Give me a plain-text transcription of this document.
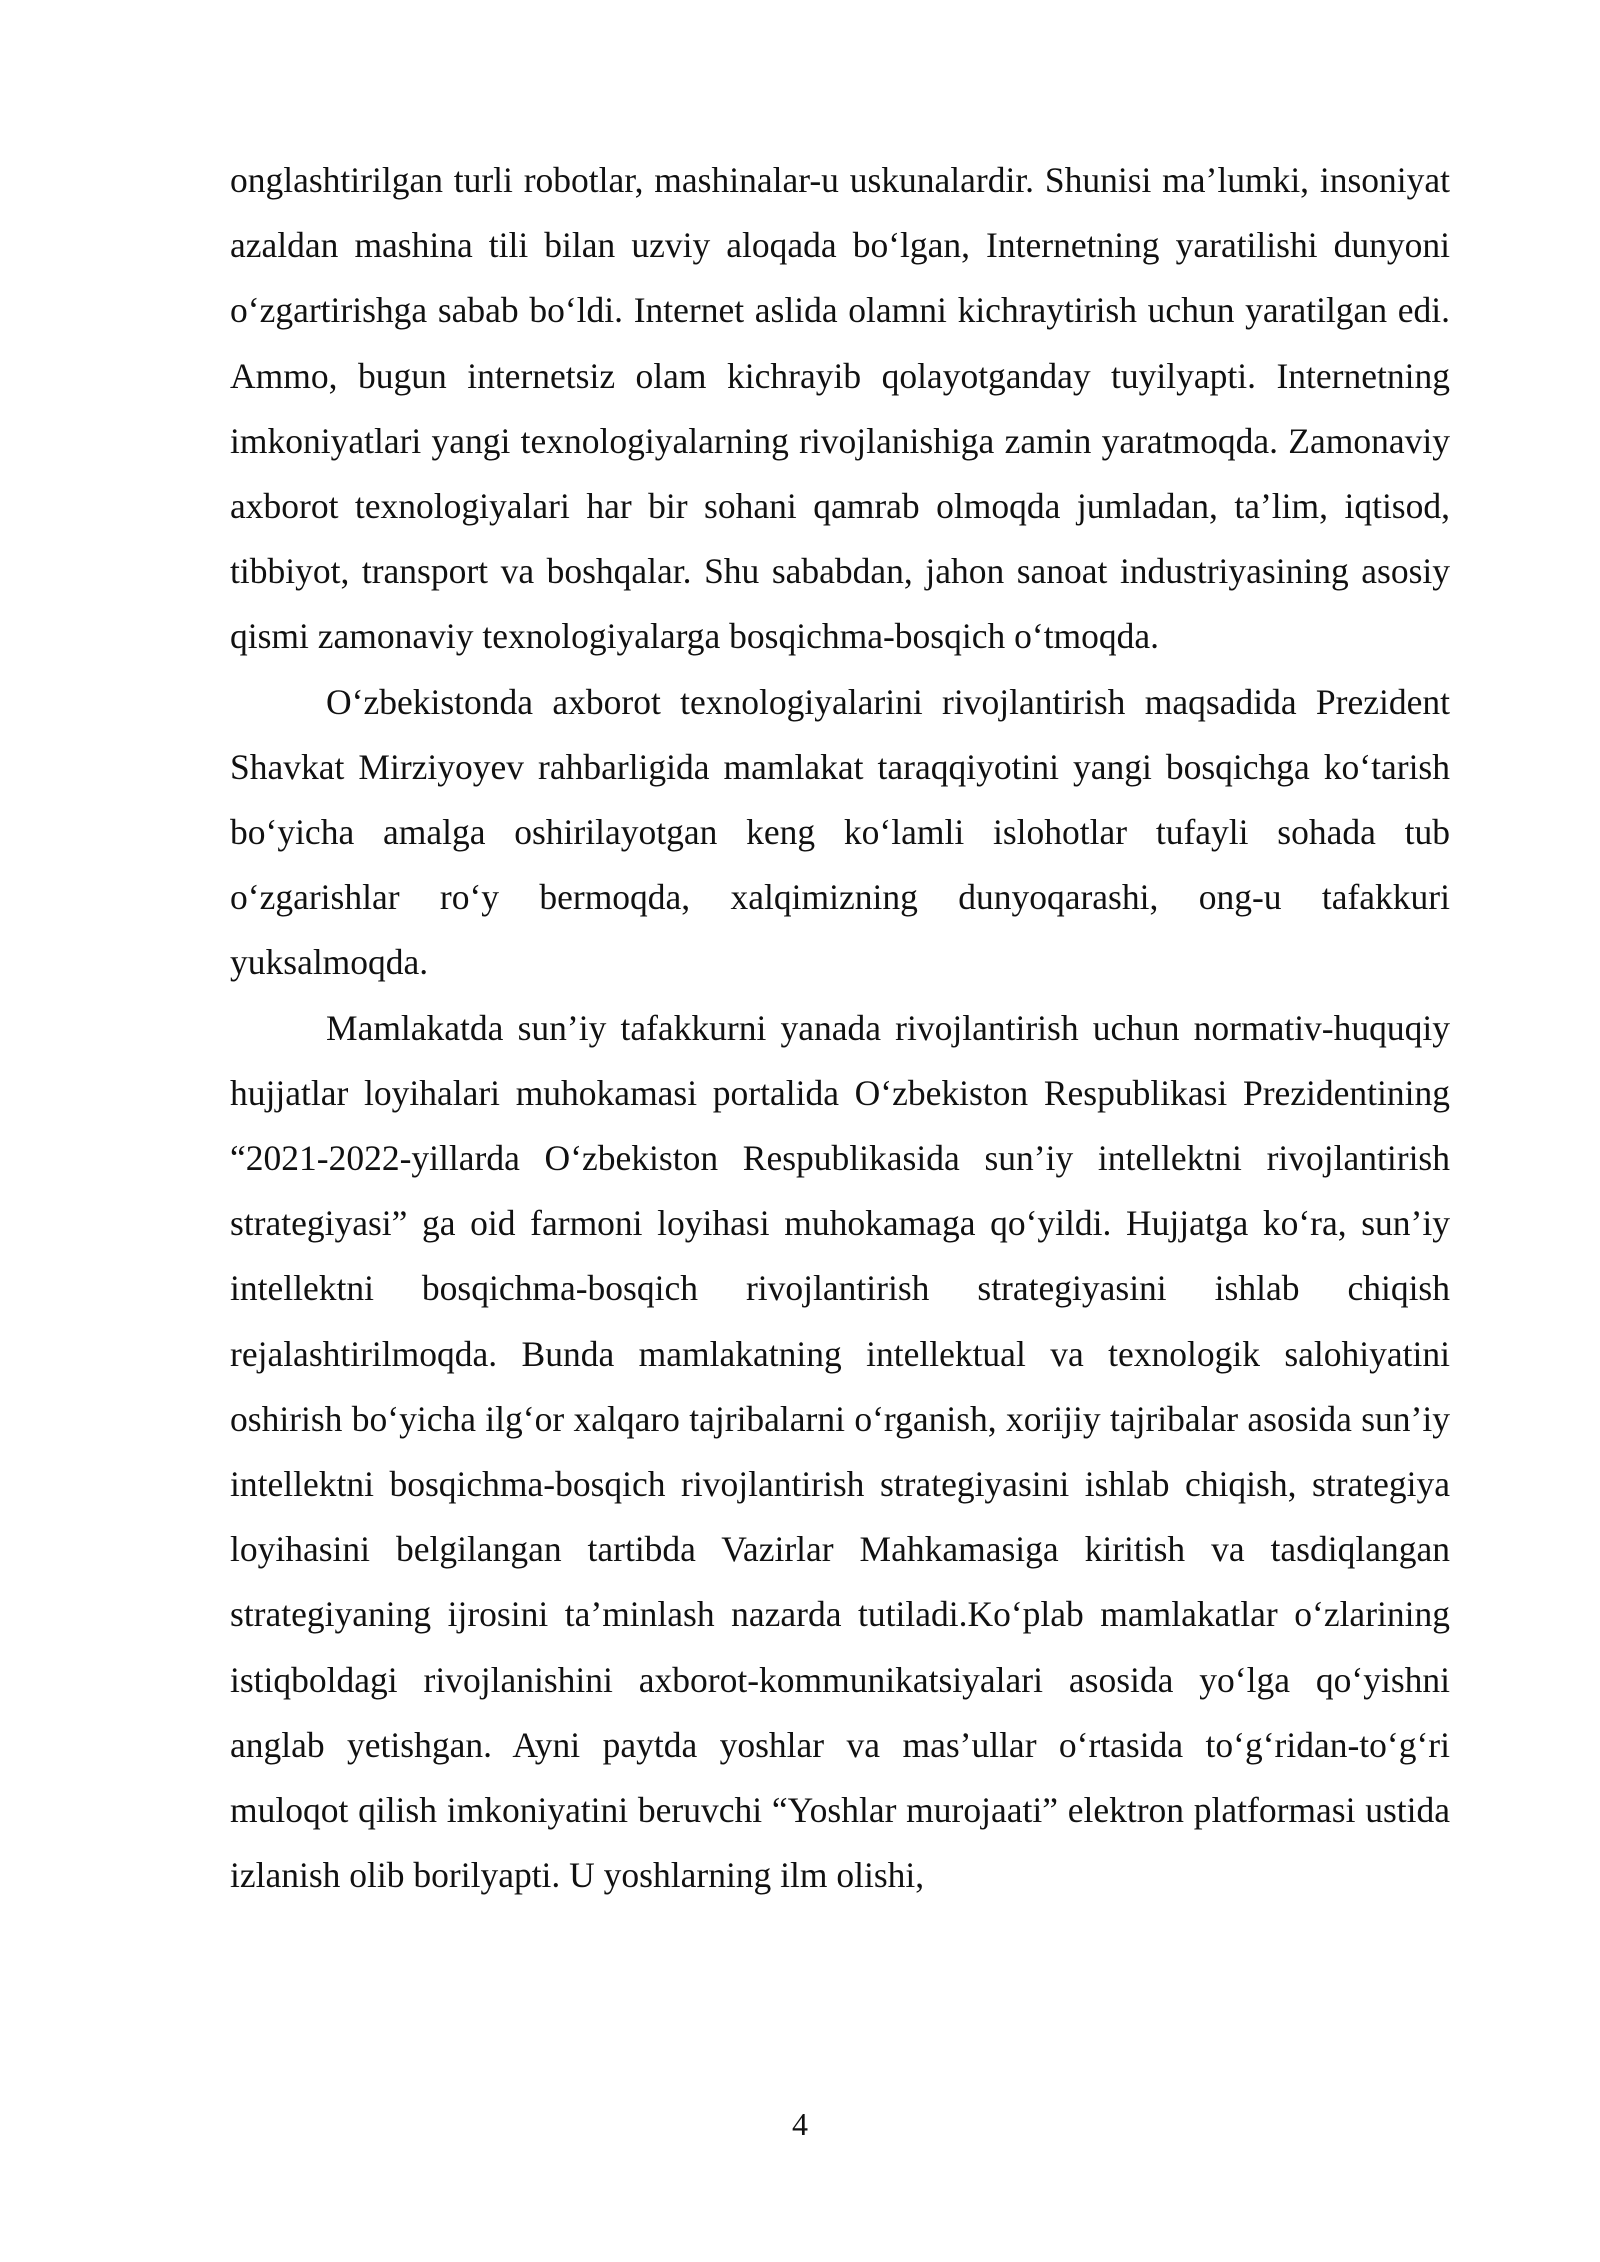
onglashtirilgan turli robotlar, mashinalar-u uskunalardir. Shunisi ma’lumki, insoniyat azaldan mashina tili bilan uzviy aloqada boʻlgan, Internetning yaratilishi dunyoni oʻzgartirishga sabab boʻldi. Internet aslida olamni kichraytirish uchun yaratilgan edi. Ammo, bugun internetsiz olam kichrayib qolayotganday tuyilyapti. Internetning imkoniyatlari yangi texnologiyalarning rivojlanishiga zamin yaratmoqda. Zamonaviy axborot texnologiyalari har bir sohani qamrab olmoqda jumladan, ta’lim, iqtisod, tibbiyot, transport va boshqalar. Shu sababdan, jahon sanoat industriyasining asosiy qismi zamonaviy texnologiyalarga bosqichma-bosqich oʻtmoqda.

Oʻzbekistonda axborot texnologiyalarini rivojlantirish maqsadida Prezident Shavkat Mirziyoyev rahbarligida mamlakat taraqqiyotini yangi bosqichga koʻtarish boʻyicha amalga oshirilayotgan keng koʻlamli islohotlar tufayli sohada tub oʻzgarishlar roʻy bermoqda, xalqimizning dunyoqarashi, ong-u tafakkuri yuksalmoqda.

Mamlakatda sun’iy tafakkurni yanada rivojlantirish uchun normativ-huquqiy hujjatlar loyihalari muhokamasi portalida Oʻzbekiston Respublikasi Prezidentining “2021-2022-yillarda Oʻzbekiston Respublikasida sun’iy intellektni rivojlantirish strategiyasi” ga oid farmoni loyihasi muhokamaga qoʻyildi. Hujjatga koʻra, sun’iy intellektni bosqichma-bosqich rivojlantirish strategiyasini ishlab chiqish rejalashtirilmoqda. Bunda mamlakatning intellektual va texnologik salohiyatini oshirish boʻyicha ilgʻor xalqaro tajribalarni oʻrganish, xorijiy tajribalar asosida sun’iy intellektni bosqichma-bosqich rivojlantirish strategiyasini ishlab chiqish, strategiya loyihasini belgilangan tartibda Vazirlar Mahkamasiga kiritish va tasdiqlangan strategiyaning ijrosini ta’minlash nazarda tutiladi.Koʻplab mamlakatlar oʻzlarining istiqboldagi rivojlanishini axborot-kommunikatsiyalari asosida yoʻlga qoʻyishni anglab yetishgan. Ayni paytda yoshlar va mas’ullar oʻrtasida toʻgʻridan-toʻgʻri muloqot qilish imkoniyatini beruvchi “Yoshlar murojaati” elektron platformasi ustida izlanish olib borilyapti. U yoshlarning ilm olishi,

4
